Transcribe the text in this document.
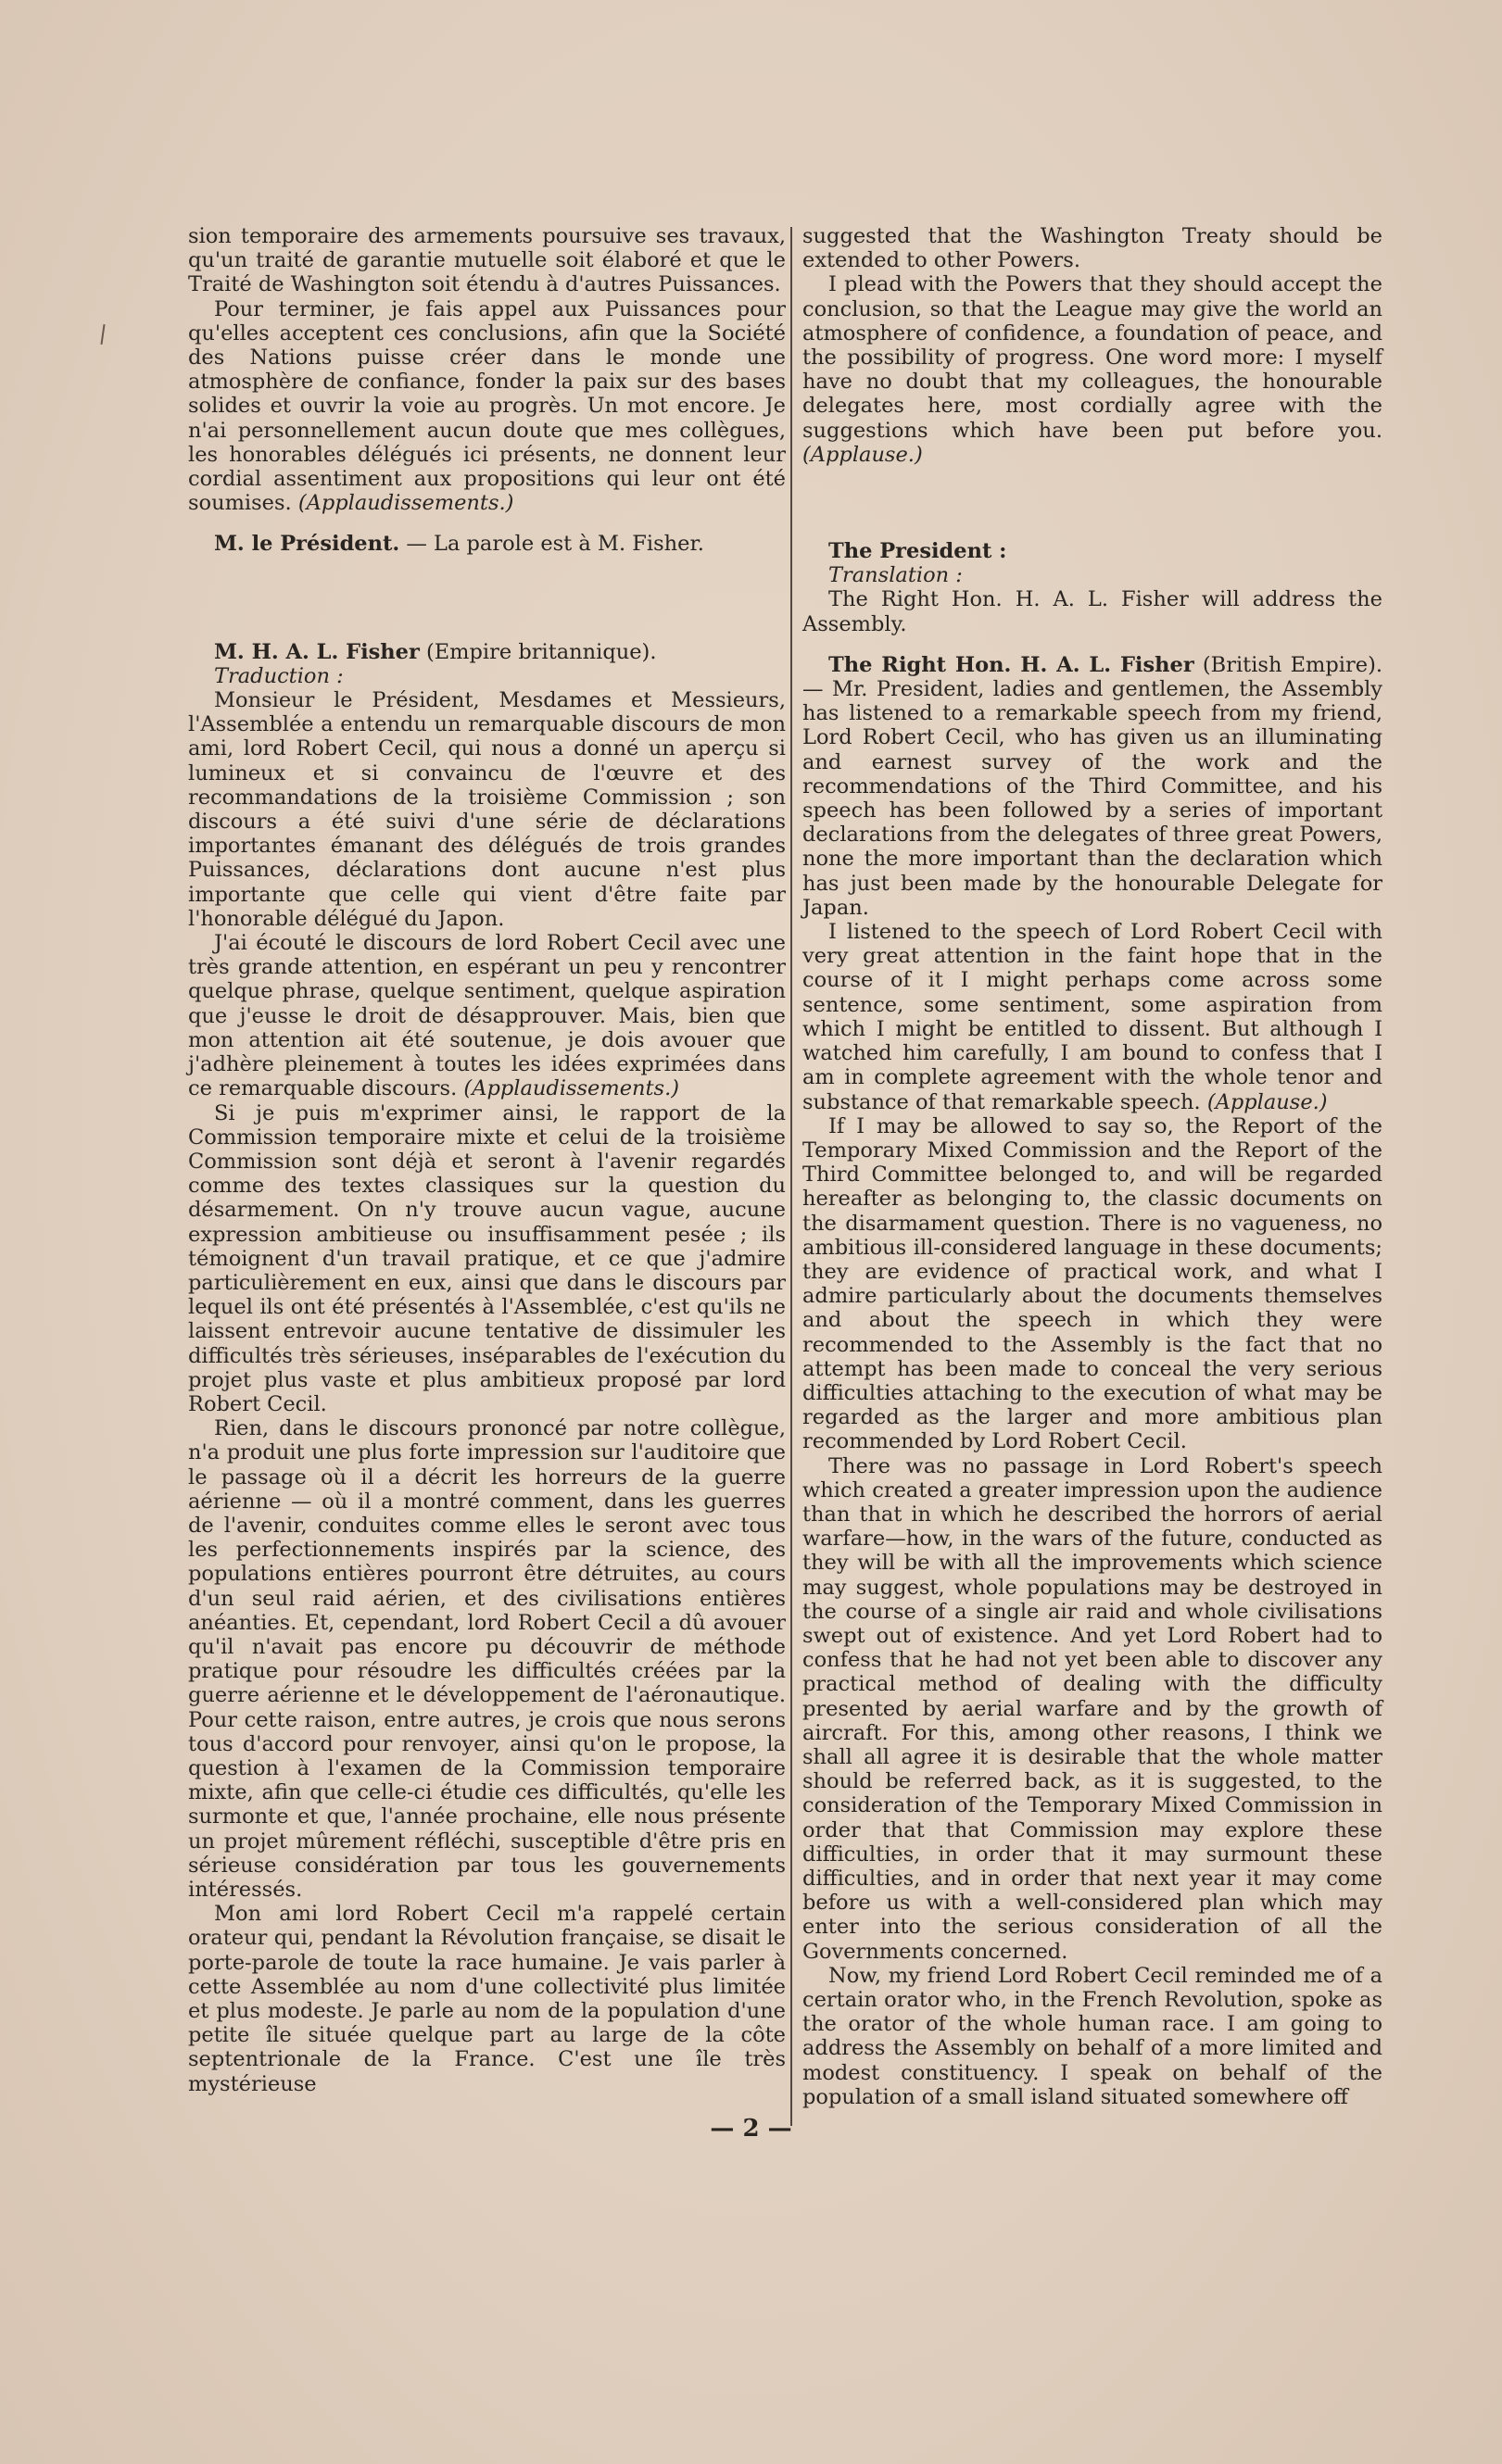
sion temporaire des armements poursuive ses travaux, qu'un traité de garantie mutuelle soit élaboré et que le Traité de Washington soit étendu à d'autres Puissances.

Pour terminer, je fais appel aux Puissances pour qu'elles acceptent ces conclusions, afin que la Société des Nations puisse créer dans le monde une atmosphère de confiance, fonder la paix sur des bases solides et ouvrir la voie au progrès. Un mot encore. Je n'ai personnellement aucun doute que mes collègues, les honorables délégués ici présents, ne donnent leur cordial assentiment aux propositions qui leur ont été soumises. (Applaudissements.)

M. le Président. — La parole est à M. Fisher.

M. H. A. L. Fisher (Empire britannique).

Traduction :

Monsieur le Président, Mesdames et Messieurs, l'Assemblée a entendu un remarquable discours de mon ami, lord Robert Cecil, qui nous a donné un aperçu si lumineux et si convaincu de l'œuvre et des recommandations de la troisième Commission ; son discours a été suivi d'une série de déclarations importantes émanant des délégués de trois grandes Puissances, déclarations dont aucune n'est plus importante que celle qui vient d'être faite par l'honorable délégué du Japon.

J'ai écouté le discours de lord Robert Cecil avec une très grande attention, en espérant un peu y rencontrer quelque phrase, quelque sentiment, quelque aspiration que j'eusse le droit de désapprouver. Mais, bien que mon attention ait été soutenue, je dois avouer que j'adhère pleinement à toutes les idées exprimées dans ce remarquable discours. (Applaudissements.)

Si je puis m'exprimer ainsi, le rapport de la Commission temporaire mixte et celui de la troisième Commission sont déjà et seront à l'avenir regardés comme des textes classiques sur la question du désarmement. On n'y trouve aucun vague, aucune expression ambitieuse ou insuffisamment pesée ; ils témoignent d'un travail pratique, et ce que j'admire particulièrement en eux, ainsi que dans le discours par lequel ils ont été présentés à l'Assemblée, c'est qu'ils ne laissent entrevoir aucune tentative de dissimuler les difficultés très sérieuses, inséparables de l'exécution du projet plus vaste et plus ambitieux proposé par lord Robert Cecil.

Rien, dans le discours prononcé par notre collègue, n'a produit une plus forte impression sur l'auditoire que le passage où il a décrit les horreurs de la guerre aérienne — où il a montré comment, dans les guerres de l'avenir, conduites comme elles le seront avec tous les perfectionnements inspirés par la science, des populations entières pourront être détruites, au cours d'un seul raid aérien, et des civilisations entières anéanties. Et, cependant, lord Robert Cecil a dû avouer qu'il n'avait pas encore pu découvrir de méthode pratique pour résoudre les difficultés créées par la guerre aérienne et le développement de l'aéronautique. Pour cette raison, entre autres, je crois que nous serons tous d'accord pour renvoyer, ainsi qu'on le propose, la question à l'examen de la Commission temporaire mixte, afin que celle-ci étudie ces difficultés, qu'elle les surmonte et que, l'année prochaine, elle nous présente un projet mûrement réfléchi, susceptible d'être pris en sérieuse considération par tous les gouvernements intéressés.

Mon ami lord Robert Cecil m'a rappelé certain orateur qui, pendant la Révolution française, se disait le porte-parole de toute la race humaine. Je vais parler à cette Assemblée au nom d'une collectivité plus limitée et plus modeste. Je parle au nom de la population d'une petite île située quelque part au large de la côte septentrionale de la France. C'est une île très mystérieuse

suggested that the Washington Treaty should be extended to other Powers.

I plead with the Powers that they should accept the conclusion, so that the League may give the world an atmosphere of confidence, a foundation of peace, and the possibility of progress. One word more: I myself have no doubt that my colleagues, the honourable delegates here, most cordially agree with the suggestions which have been put before you. (Applause.)

The President :

Translation :

The Right Hon. H. A. L. Fisher will address the Assembly.

The Right Hon. H. A. L. Fisher (British Empire). — Mr. President, ladies and gentlemen, the Assembly has listened to a remarkable speech from my friend, Lord Robert Cecil, who has given us an illuminating and earnest survey of the work and the recommendations of the Third Committee, and his speech has been followed by a series of important declarations from the delegates of three great Powers, none the more important than the declaration which has just been made by the honourable Delegate for Japan.

I listened to the speech of Lord Robert Cecil with very great attention in the faint hope that in the course of it I might perhaps come across some sentence, some sentiment, some aspiration from which I might be entitled to dissent. But although I watched him carefully, I am bound to confess that I am in complete agreement with the whole tenor and substance of that remarkable speech. (Applause.)

If I may be allowed to say so, the Report of the Temporary Mixed Commission and the Report of the Third Committee belonged to, and will be regarded hereafter as belonging to, the classic documents on the disarmament question. There is no vagueness, no ambitious ill-considered language in these documents; they are evidence of practical work, and what I admire particularly about the documents themselves and about the speech in which they were recommended to the Assembly is the fact that no attempt has been made to conceal the very serious difficulties attaching to the execution of what may be regarded as the larger and more ambitious plan recommended by Lord Robert Cecil.

There was no passage in Lord Robert's speech which created a greater impression upon the audience than that in which he described the horrors of aerial warfare—how, in the wars of the future, conducted as they will be with all the improvements which science may suggest, whole populations may be destroyed in the course of a single air raid and whole civilisations swept out of existence. And yet Lord Robert had to confess that he had not yet been able to discover any practical method of dealing with the difficulty presented by aerial warfare and by the growth of aircraft. For this, among other reasons, I think we shall all agree it is desirable that the whole matter should be referred back, as it is suggested, to the consideration of the Temporary Mixed Commission in order that that Commission may explore these difficulties, in order that it may surmount these difficulties, and in order that next year it may come before us with a well-considered plan which may enter into the serious consideration of all the Governments concerned.

Now, my friend Lord Robert Cecil reminded me of a certain orator who, in the French Revolution, spoke as the orator of the whole human race. I am going to address the Assembly on behalf of a more limited and modest constituency. I speak on behalf of the population of a small island situated somewhere off

— 2 —
